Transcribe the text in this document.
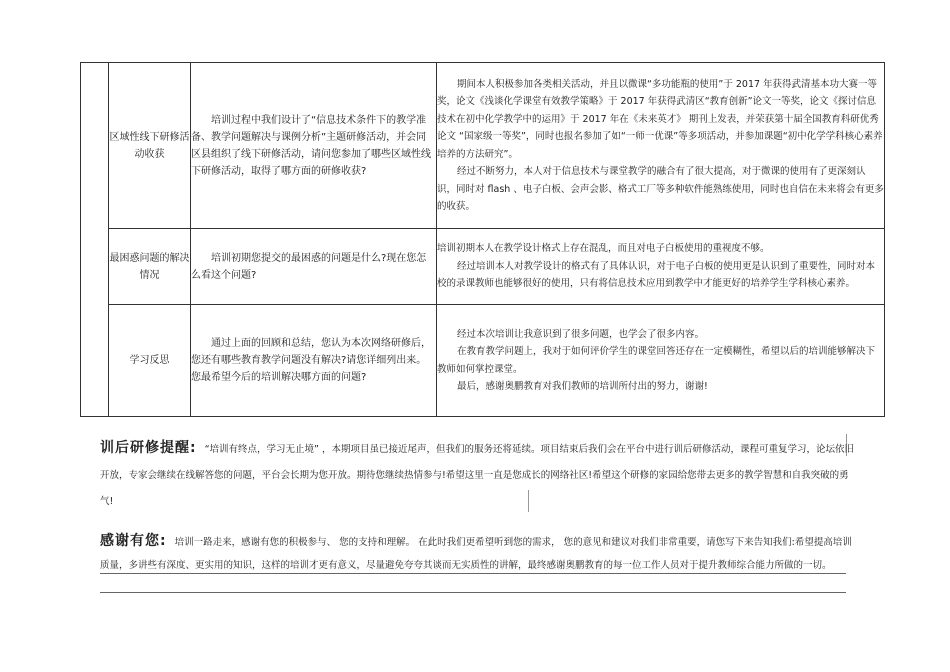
	区域性线下研修活动收获	培训过程中我们设计了“信息技术条件下的教学准备、教学问题解决与课例分析”主题研修活动，并会同区县组织了线下研修活动，请问您参加了哪些区域性线下研修活动，取得了哪方面的研修收获?	期间本人积极参加各类相关活动，并且以微课“多功能瓶的使用”于 2017 年获得武清基本功大赛一等奖，论文《浅谈化学课堂有效教学策略》于 2017 年获得武清区“教育创新”论文一等奖，论文《探讨信息技术在初中化学教学中的运用》于 2017 年在《未来英才》 期刊上发表，并荣获第十届全国教育科研优秀论文 “国家级一等奖”，同时也报名参加了如“一师一优课”等多项活动，并参加课题“初中化学学科核心素养培养的方法研究”。

经过不断努力，本人对于信息技术与课堂教学的融合有了很大提高，对于微课的使用有了更深刻认识，同时对 flash 、电子白板、会声会影、格式工厂等多种软件能熟练使用，同时也自信在未来将会有更多的收获。

	最困惑问题的解决情况	培训初期您提交的最困惑的问题是什么?现在您怎么看这个问题?	培训初期本人在教学设计格式上存在混乱，而且对电子白板使用的重视度不够。

经过培训本人对教学设计的格式有了具体认识，对于电子白板的使用更是认识到了重要性，同时对本校的录课教师也能够很好的使用，只有将信息技术应用到教学中才能更好的培养学生学科核心素养。

	学习反思	通过上面的回顾和总结，您认为本次网络研修后，您还有哪些教育教学问题没有解决?请您详细列出来。您最希望今后的培训解决哪方面的问题?	经过本次培训让我意识到了很多问题，也学会了很多内容。

在教育教学问题上，我对于如何评价学生的课堂回答还存在一定模糊性，希望以后的培训能够解决下教师如何掌控课堂。

最后，感谢奥鹏教育对我们教师的培训所付出的努力，谢谢!

训后研修提醒: “培训有终点，学习无止境” ，本期项目虽已接近尾声，但我们的服务还将延续。项目结束后我们会在平台中进行训后研修活动，课程可重复学习，论坛依旧开放，专家会继续在线解答您的问题，平台会长期为您开放。期待您继续热情参与!希望这里一直是您成长的网络社区!希望这个研修的家园给您带去更多的教学智慧和自我突破的勇气!
感谢有您: 培训一路走来，感谢有您的积极参与、 您的支持和理解。 在此时我们更希望听到您的需求， 您的意见和建议对我们非常重要，请您写下来告知我们:希望提高培训质量，多讲些有深度、更实用的知识，这样的培训才更有意义，尽量避免夸夸其谈而无实质性的讲解，最终感谢奥鹏教育的每一位工作人员对于提升教师综合能力所做的一切。
